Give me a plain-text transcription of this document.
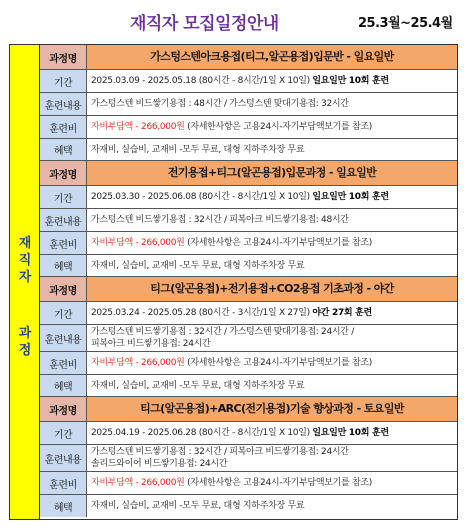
재직자 모집일정안내	25.3월~25.4월
재
직
자
과
정
과정명	가스텅스텐아크용접(티그,알곤용접)입문반 - 일요일반
기간	2025.03.09 - 2025.05.18 (80시간 - 8시간/1일 X 10일) 일요일만 10회 훈련
훈련내용	가스텅스텐 비드쌓기용접 : 48시간 / 가스텅스텐 맞대기용접: 32시간
훈련비	자비부담액 - 266,000원 (자세한사항은 고용24시-자기부담액보기를 참조)
혜택	자재비, 실습비, 교재비 -모두 무료, 대형 지하주차장 무료
과정명	전기용접+티그(알곤용접)입문과정 - 일요일반
기간	2025.03.30 - 2025.06.08 (80시간 - 8시간/1일 X 10일) 일요일만 10회 훈련
훈련내용	가스텅스텐 비드쌓기용접 : 32시간 / 피복아크 비드쌓기용접: 48시간
훈련비	자비부담액 - 266,000원 (자세한사항은 고용24시-자기부담액보기를 참조)
혜택	자재비, 실습비, 교재비 -모두 무료, 대형 지하주차장 무료
과정명	티그(알곤용접)+전기용접+CO2용접 기초과정 - 야간
기간	2025.03.24 - 2025.05.28 (80시간 - 3시간/1일 X 27일) 야간 27회 훈련
훈련내용
가스텅스텐 비드쌓기용접 : 32시간 / 가스텅스텐 맞대기용접: 24시간 /
피복아크 비드쌓기용접: 24시간
훈련비	자비부담액 - 266,000원 (자세한사항은 고용24시-자기부담액보기를 참조)
혜택	자재비, 실습비, 교재비 -모두 무료, 대형 지하주차장 무료
과정명	티그(알곤용접)+ARC(전기용접)기술 향상과정 - 토요일반
기간	2025.04.19 - 2025.06.28 (80시간 - 8시간/1일 X 10일) 일요일만 10회 훈련
훈련내용
가스텅스텐 비드쌓기용접 : 32시간 / 피복아크 비드쌓기용접: 24시간
솔리드와이어 비드쌓기용접: 24시간
훈련비	자비부담액 - 266,000원 (자세한사항은 고용24시-자기부담액보기를 참조)
혜택	자재비, 실습비, 교재비 -모두 무료, 대형 지하주차장 무료
